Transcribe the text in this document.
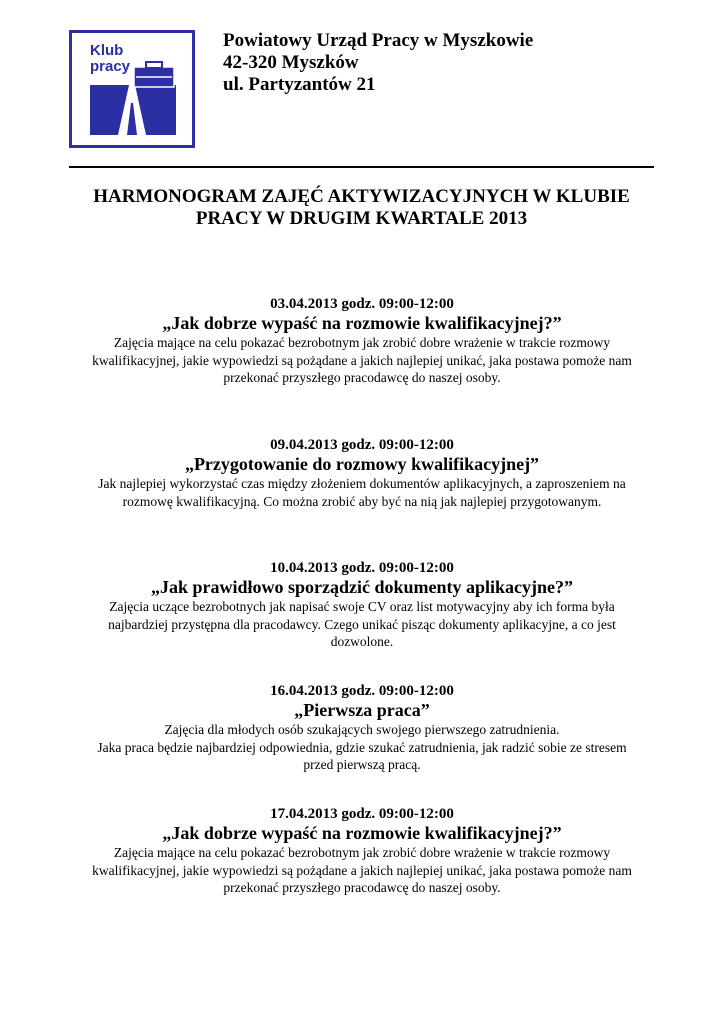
Klub
pracy
Powiatowy Urząd Pracy w Myszkowie
42-320 Myszków
ul. Partyzantów 21
HARMONOGRAM ZAJĘĆ AKTYWIZACYJNYCH W KLUBIE
PRACY W DRUGIM KWARTALE 2013
03.04.2013 godz. 09:00-12:00
„Jak dobrze wypaść na rozmowie kwalifikacyjnej?”
Zajęcia mające na celu pokazać bezrobotnym jak zrobić dobre wrażenie w trakcie rozmowy
kwalifikacyjnej, jakie wypowiedzi są pożądane a jakich najlepiej unikać, jaka postawa pomoże nam
przekonać przyszłego pracodawcę do naszej osoby.
09.04.2013 godz. 09:00-12:00
„Przygotowanie do rozmowy kwalifikacyjnej”
Jak najlepiej wykorzystać czas między złożeniem dokumentów aplikacyjnych, a zaproszeniem na
rozmowę kwalifikacyjną. Co można zrobić aby być na nią jak najlepiej przygotowanym.
10.04.2013 godz. 09:00-12:00
„Jak prawidłowo sporządzić dokumenty aplikacyjne?”
Zajęcia uczące bezrobotnych jak napisać swoje CV oraz list motywacyjny aby ich forma była
najbardziej przystępna dla pracodawcy. Czego unikać pisząc dokumenty aplikacyjne, a co jest
dozwolone.
16.04.2013 godz. 09:00-12:00
„Pierwsza praca”
Zajęcia dla młodych osób szukających swojego pierwszego zatrudnienia.
Jaka praca będzie najbardziej odpowiednia, gdzie szukać zatrudnienia, jak radzić sobie ze stresem
przed pierwszą pracą.
17.04.2013 godz. 09:00-12:00
„Jak dobrze wypaść na rozmowie kwalifikacyjnej?”
Zajęcia mające na celu pokazać bezrobotnym jak zrobić dobre wrażenie w trakcie rozmowy
kwalifikacyjnej, jakie wypowiedzi są pożądane a jakich najlepiej unikać, jaka postawa pomoże nam
przekonać przyszłego pracodawcę do naszej osoby.
